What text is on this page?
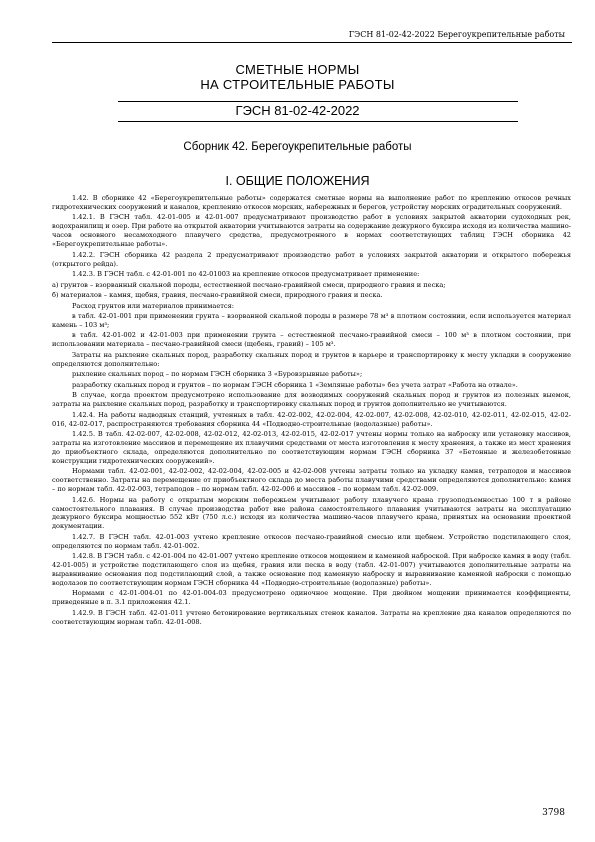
ГЭСН 81-02-42-2022 Берегоукрепительные работы
СМЕТНЫЕ НОРМЫ
НА СТРОИТЕЛЬНЫЕ РАБОТЫ
ГЭСН 81-02-42-2022
Сборник 42. Берегоукрепительные работы
I. ОБЩИЕ ПОЛОЖЕНИЯ

1.42. В сборнике 42 «Берегоукрепительные работы» содержатся сметные нормы на выполнение работ по креплению откосов речных гидротехнических сооружений и каналов, креплению откосов морских, набережных и берегов, устройству морских оградительных сооружений.

1.42.1. В ГЭСН табл. 42-01-005 и 42-01-007 предусматривают производство работ в условиях закрытой акватории судоходных рек, водохранилищ и озер. При работе на открытой акватории учитываются затраты на содержание дежурного буксира исходя из количества машино-часов основного несамоходного плавучего средства, предусмотренного в нормах соответствующих таблиц ГЭСН сборника 42 «Берегоукрепительные работы».

1.42.2. ГЭСН сборника 42 раздела 2 предусматривают производство работ в условиях закрытой акватории и открытого побережья (открытого рейда).

1.42.3. В ГЭСН табл. с 42-01-001 по 42-01003 на крепление откосов предусматривает применение:

а) грунтов – взорванный скальной породы, естественной песчано-гравийной смеси, природного гравия и песка;

б) материалов – камня, щебня, гравия, песчано-гравийной смеси, природного гравия и песка.

Расход грунтов или материалов принимается:

в табл. 42-01-001 при применении грунта – взорванной скальной породы в размере 78 м³ в плотном состоянии, если используется материал камень – 103 м³;

в табл. 42-01-002 и 42-01-003 при применении грунта – естественной песчано-гравийной смеси – 100 м³ в плотном состоянии, при использовании материала – песчано-гравийной смеси (щебень, гравий) – 105 м³.

Затраты на рыхление скальных пород, разработку скальных пород и грунтов в карьере и транспортировку к месту укладки в сооружение определяются дополнительно:

рыхление скальных пород – по нормам ГЭСН сборника 3 «Буровзрывные работы»;

разработку скальных пород и грунтов – по нормам ГЭСН сборника 1 «Земляные работы» без учета затрат «Работа на отвале».

В случае, когда проектом предусмотрено использование для возводимых сооружений скальных пород и грунтов из полезных выемок, затраты на рыхление скальных пород, разработку и транспортировку скальных пород и грунтов дополнительно не учитываются.

1.42.4. На работы надводных станций, учтенных в табл. 42-02-002, 42-02-004, 42-02-007, 42-02-008, 42-02-010, 42-02-011, 42-02-015, 42-02-016, 42-02-017, распространяются требования сборника 44 «Подводно-строительные (водолазные) работы».

1.42.5. В табл. 42-02-007, 42-02-008, 42-02-012, 42-02-013, 42-02-015, 42-02-017 учтены нормы только на наброску или установку массивов, затраты на изготовление массивов и перемещение их плавучими средствами от места изготовления к месту хранения, а также из мест хранения до приобъектного склада, определяются дополнительно по соответствующим нормам ГЭСН сборника 37 «Бетонные и железобетонные конструкции гидротехнических сооружений».

Нормами табл. 42-02-001, 42-02-002, 42-02-004, 42-02-005 и 42-02-008 учтены затраты только на укладку камня, тетраподов и массивов соответственно. Затраты на перемещение от приобъектного склада до места работы плавучими средствами определяются дополнительно: камня – по нормам табл. 42-02-003, тетраподов – по нормам табл. 42-02-006 и массивов – по нормам табл. 42-02-009.

1.42.6. Нормы на работу с открытым морским побережьем учитывают работу плавучего крана грузоподъемностью 100 т в районе самостоятельного плавания. В случае производства работ вне района самостоятельного плавания учитываются затраты на эксплуатацию дежурного буксира мощностью 552 кВт (750 л.с.) исходя из количества машино-часов плавучего крана, принятых на основании проектной документации.

1.42.7. В ГЭСН табл. 42-01-003 учтено крепление откосов песчано-гравийной смесью или щебнем. Устройство подстилающего слоя, определяются по нормам табл. 42-01-002.

1.42.8. В ГЭСН табл. с 42-01-004 по 42-01-007 учтено крепление откосов мощением и каменной наброской. При наброске камня в воду (табл. 42-01-005) и устройстве подстилающего слоя из щебня, гравия или песка в воду (табл. 42-01-007) учитываются дополнительные затраты на выравнивание основания под подстилающий слой, а также основание под каменную наброску и выравнивание каменной наброски с помощью водолазов по соответствующим нормам ГЭСН сборника 44 «Подводно-строительные (водолазные) работы».

Нормами с 42-01-004-01 по 42-01-004-03 предусмотрено одиночное мощение. При двойном мощении принимается коэффициенты, приведенные в п. 3.1 приложения 42.1.

1.42.9. В ГЭСН табл. 42-01-011 учтено бетонирование вертикальных стенок каналов. Затраты на крепление дна каналов определяются по соответствующим нормам табл. 42-01-008.

3798
